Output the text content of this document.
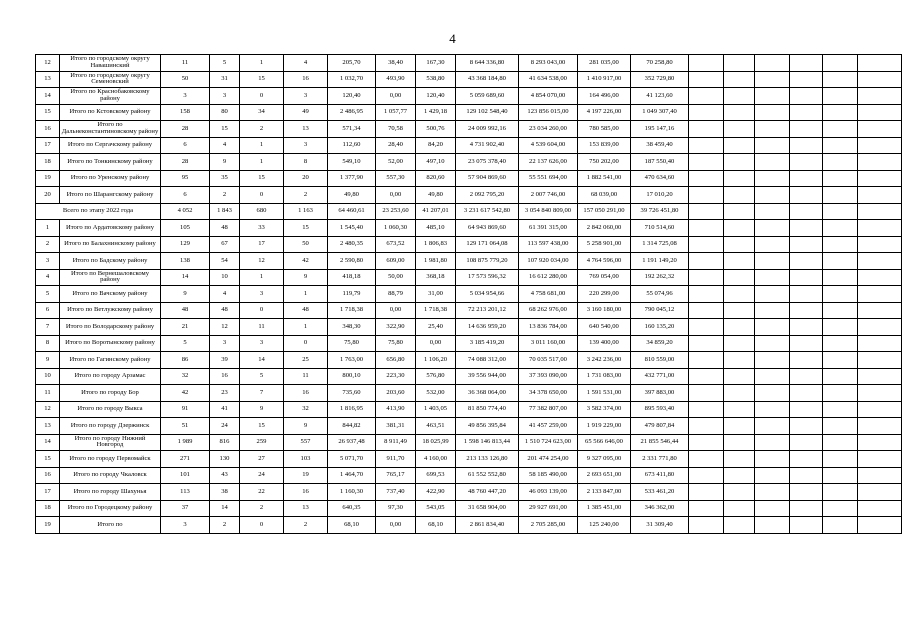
4
12	Итого по городскому округу Навашинский	11	5	1	4	205,70	38,40	167,30	8 644 336,80	8 293 043,00	281 035,00	70 258,80						
13	Итого по городскому округу Семеновский	50	31	15	16	1 032,70	493,90	538,80	43 368 184,80	41 634 538,00	1 410 917,00	352 729,80						
14	Итого по Краснобаковскому району	3	3	0	3	120,40	0,00	120,40	5 059 689,60	4 854 070,00	164 496,00	41 123,60						
15	Итого по Кстовскому району	158	80	34	49	2 486,95	1 057,77	1 429,18	129 102 548,40	123 856 015,00	4 197 226,00	1 049 307,40						
16	Итого по Дальнеконстантиновскому району	28	15	2	13	571,34	70,58	500,76	24 009 992,16	23 034 260,00	780 585,00	195 147,16						
17	Итого по Сергачскому району	6	4	1	3	112,60	28,40	84,20	4 731 902,40	4 539 604,00	153 839,00	38 459,40						
18	Итого по Тонкинскому району	28	9	1	8	549,10	52,00	497,10	23 075 378,40	22 137 626,00	750 202,00	187 550,40						
19	Итого по Уренскому району	95	35	15	20	1 377,90	557,30	820,60	57 904 869,60	55 551 694,00	1 882 541,00	470 634,60						
20	Итого по Шарангскому району	6	2	0	2	49,80	0,00	49,80	2 092 795,20	2 007 746,00	68 039,00	17 010,20						
Всего по этапу 2022 года		4 052	1 843	680	1 163	64 460,61	23 253,60	41 207,01	3 231 617 542,80	3 054 840 809,00	157 050 291,00	39 726 451,80						
1	Итого по Ардатовскому району	105	48	33	15	1 545,40	1 060,30	485,10	64 943 869,60	61 391 315,00	2 842 060,00	710 514,60						
2	Итого по Балахнинскому району	129	67	17	50	2 480,35	673,52	1 806,83	129 171 064,08	113 597 438,00	5 258 901,00	1 314 725,08						
3	Итого по Бадскому району	138	54	12	42	2 590,80	609,00	1 981,80	108 875 779,20	107 920 034,00	4 764 596,00	1 191 149,20						
4	Итого по Вернешаловскому району	14	10	1	9	418,18	50,00	368,18	17 573 596,32	16 612 280,00	769 054,00	192 262,32						
5	Итого по Вачскому району	9	4	3	1	119,79	88,79	31,00	5 034 954,66	4 758 681,00	220 299,00	55 074,96						
6	Итого по Ветлужскому району	48	48	0	48	1 718,38	0,00	1 718,38	72 213 201,12	68 262 976,00	3 160 180,00	790 045,12						
7	Итого по Володарскому району	21	12	11	1	348,30	322,90	25,40	14 636 959,20	13 836 784,00	640 540,00	160 135,20						
8	Итого по Воротынскому району	5	3	3	0	75,80	75,80	0,00	3 185 419,20	3 011 160,00	139 400,00	34 859,20						
9	Итого по Гагинскому району	86	39	14	25	1 763,00	656,80	1 106,20	74 088 312,00	70 035 517,00	3 242 236,00	810 559,00						
10	Итого по городу Арзамас	32	16	5	11	800,10	223,30	576,80	39 556 944,00	37 393 090,00	1 731 083,00	432 771,00						
11	Итого по городу Бор	42	23	7	16	735,60	203,60	532,00	36 368 064,00	34 378 650,00	1 591 531,00	397 883,00						
12	Итого по городу Выкса	91	41	9	32	1 816,95	413,90	1 403,05	81 850 774,40	77 382 807,00	3 582 374,00	895 593,40						
13	Итого по городу Дзержинск	51	24	15	9	844,82	381,31	463,51	49 856 395,84	41 457 259,00	1 919 229,00	479 807,84						
14	Итого по городу Нижний Новгород	1 989	816	259	557	26 937,48	8 911,49	18 025,99	1 598 146 813,44	1 510 724 623,00	65 566 646,00	21 855 546,44						
15	Итого по городу Первомайск	271	130	27	103	5 071,70	911,70	4 160,00	213 133 126,80	201 474 254,00	9 327 095,00	2 331 771,80						
16	Итого по городу Чкаловск	101	43	24	19	1 464,70	765,17	699,53	61 552 552,80	58 185 490,00	2 693 651,00	673 411,80						
17	Итого по городу Шахунья	113	38	22	16	1 160,30	737,40	422,90	48 760 447,20	46 093 139,00	2 133 847,00	533 461,20						
18	Итого по Городецкому району	37	14	2	13	640,35	97,30	543,05	31 658 904,00	29 927 691,00	1 385 451,00	346 362,00						
19	Итого по	3	2	0	2	68,10	0,00	68,10	2 861 834,40	2 705 285,00	125 240,00	31 309,40						
